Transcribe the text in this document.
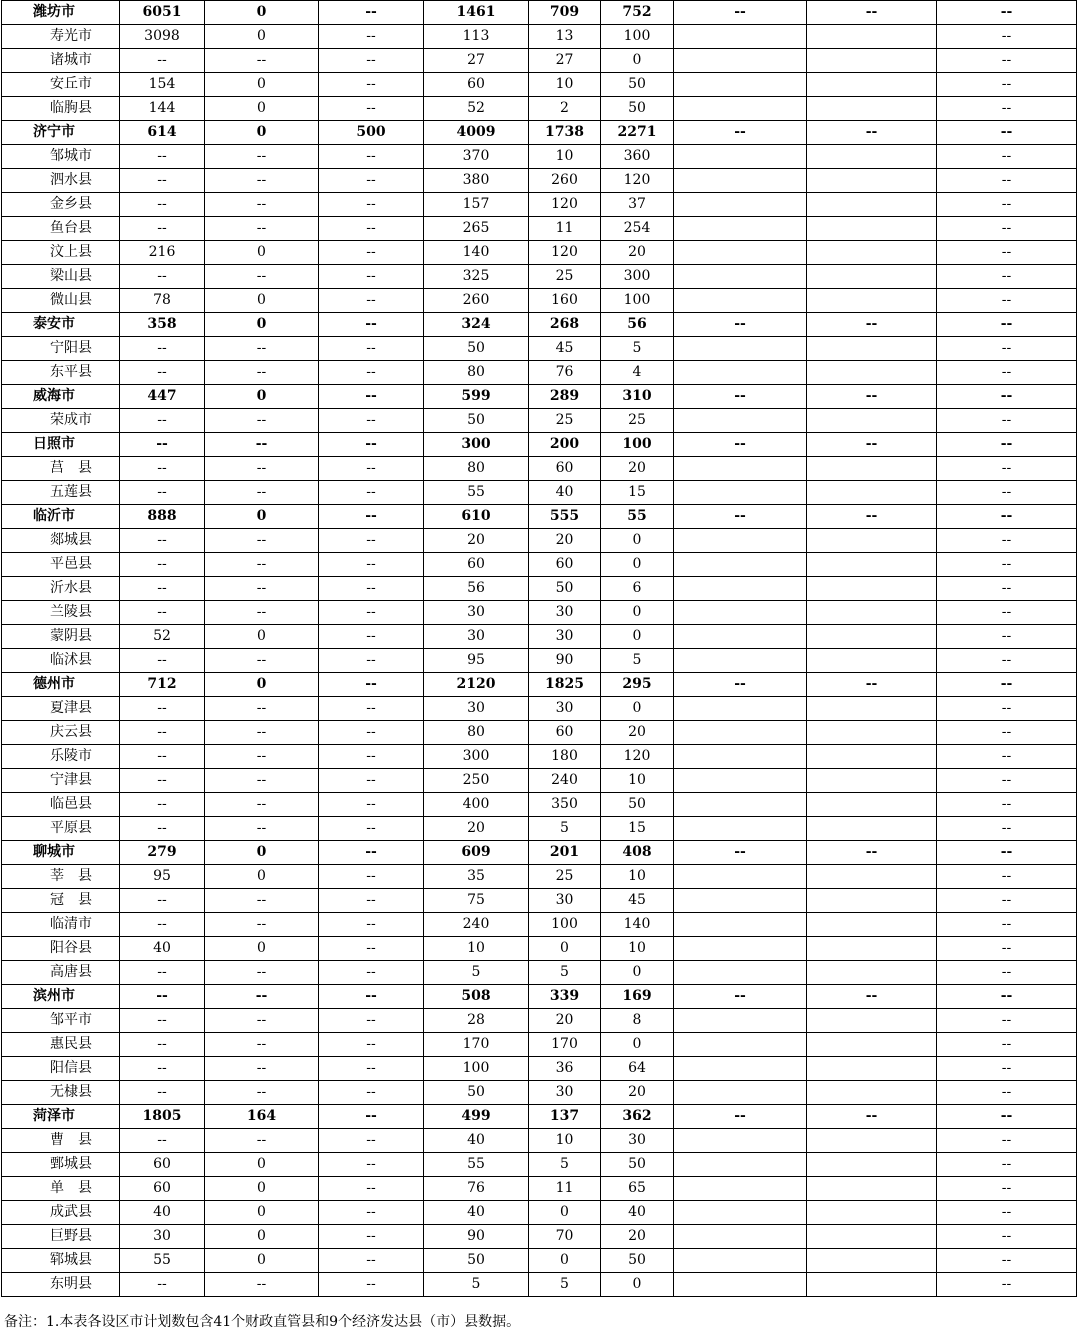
潍坊市	6051	0	--	1461	709	752	--	--	--
寿光市	3098	0	--	113	13	100			--
诸城市	--	--	--	27	27	0			--
安丘市	154	0	--	60	10	50			--
临朐县	144	0	--	52	2	50			--
济宁市	614	0	500	4009	1738	2271	--	--	--
邹城市	--	--	--	370	10	360			--
泗水县	--	--	--	380	260	120			--
金乡县	--	--	--	157	120	37			--
鱼台县	--	--	--	265	11	254			--
汶上县	216	0	--	140	120	20			--
梁山县	--	--	--	325	25	300			--
微山县	78	0	--	260	160	100			--
泰安市	358	0	--	324	268	56	--	--	--
宁阳县	--	--	--	50	45	5			--
东平县	--	--	--	80	76	4			--
威海市	447	0	--	599	289	310	--	--	--
荣成市	--	--	--	50	25	25			--
日照市	--	--	--	300	200	100	--	--	--
莒　县	--	--	--	80	60	20			--
五莲县	--	--	--	55	40	15			--
临沂市	888	0	--	610	555	55	--	--	--
郯城县	--	--	--	20	20	0			--
平邑县	--	--	--	60	60	0			--
沂水县	--	--	--	56	50	6			--
兰陵县	--	--	--	30	30	0			--
蒙阴县	52	0	--	30	30	0			--
临沭县	--	--	--	95	90	5			--
德州市	712	0	--	2120	1825	295	--	--	--
夏津县	--	--	--	30	30	0			--
庆云县	--	--	--	80	60	20			--
乐陵市	--	--	--	300	180	120			--
宁津县	--	--	--	250	240	10			--
临邑县	--	--	--	400	350	50			--
平原县	--	--	--	20	5	15			--
聊城市	279	0	--	609	201	408	--	--	--
莘　县	95	0	--	35	25	10			--
冠　县	--	--	--	75	30	45			--
临清市	--	--	--	240	100	140			--
阳谷县	40	0	--	10	0	10			--
高唐县	--	--	--	5	5	0			--
滨州市	--	--	--	508	339	169	--	--	--
邹平市	--	--	--	28	20	8			--
惠民县	--	--	--	170	170	0			--
阳信县	--	--	--	100	36	64			--
无棣县	--	--	--	50	30	20			--
菏泽市	1805	164	--	499	137	362	--	--	--
曹　县	--	--	--	40	10	30			--
鄄城县	60	0	--	55	5	50			--
单　县	60	0	--	76	11	65			--
成武县	40	0	--	40	0	40			--
巨野县	30	0	--	90	70	20			--
郓城县	55	0	--	50	0	50			--
东明县	--	--	--	5	5	0			--
备注：1.本表各设区市计划数包含41个财政直管县和9个经济发达县（市）县数据。
